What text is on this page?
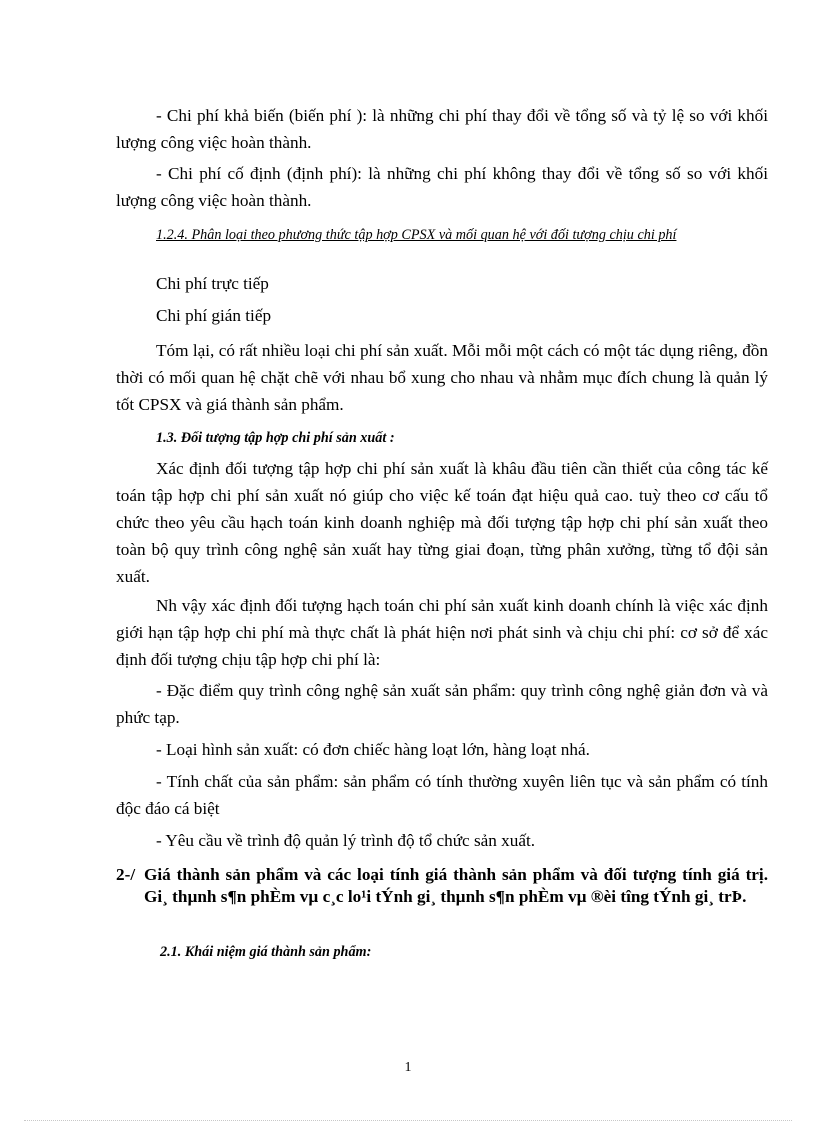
- Chi phí khả biến (biến phí ): là những chi phí thay đổi về tổng số và tỷ lệ so với khối lượng công việc hoàn thành.

- Chi phí cố định (định phí): là những chi phí không thay đổi về tổng số so với khối lượng công việc hoàn thành.

1.2.4. Phân loại theo phương thức tập hợp CPSX và mối quan hệ với đối tượng chịu chi phí

Chi phí trực tiếp

Chi phí gián tiếp

Tóm lại, có rất nhiều loại chi phí sản xuất. Mỗi mỗi một cách có một tác dụng riêng, đồn thời có mối quan hệ chặt chẽ với nhau bổ xung cho nhau và nhằm mục đích chung là quản lý tốt CPSX và giá thành sản phẩm.

1.3. Đối tượng tập hợp chi phí sản xuất :

Xác định đối tượng tập hợp chi phí sản xuất là khâu đầu tiên cần thiết của công tác kế toán tập hợp chi phí sản xuất nó giúp cho việc kế toán đạt hiệu quả cao. tuỳ theo cơ cấu tổ chức theo yêu cầu hạch toán kinh doanh nghiệp mà đối tượng tập hợp chi phí sản xuất theo toàn bộ quy trình công nghệ sản xuất hay từng giai đoạn, từng phân xưởng, từng tổ đội sản xuất.

Nh vậy xác định đối tượng hạch toán chi phí sản xuất kinh doanh chính là việc xác định giới hạn tập hợp chi phí mà thực chất là phát hiện nơi phát sinh và chịu chi phí: cơ sở để xác định đối tượng chịu tập hợp chi phí là:

- Đặc điểm quy trình công nghệ sản xuất sản phẩm: quy trình công nghệ giản đơn và và phức tạp.

- Loại hình sản xuất: có đơn chiếc hàng loạt lớn, hàng loạt nhá.

- Tính chất của sản phẩm: sản phẩm có tính thường xuyên liên tục và sản phẩm có tính độc đáo cá biệt

- Yêu cầu về trình độ quản lý trình độ tổ chức sản xuất.

2-/ Giá thành sản phẩm và các loại tính giá thành sản phẩm và đối tượng tính giá trị. Gi¸ thµnh s¶n phÈm vµ c¸c lo¹i tÝnh gi¸ thµnh s¶n phÈm vµ ®èi tîng tÝnh gi¸ trÞ.

2.1. Khái niệm giá thành sản phẩm:

1
